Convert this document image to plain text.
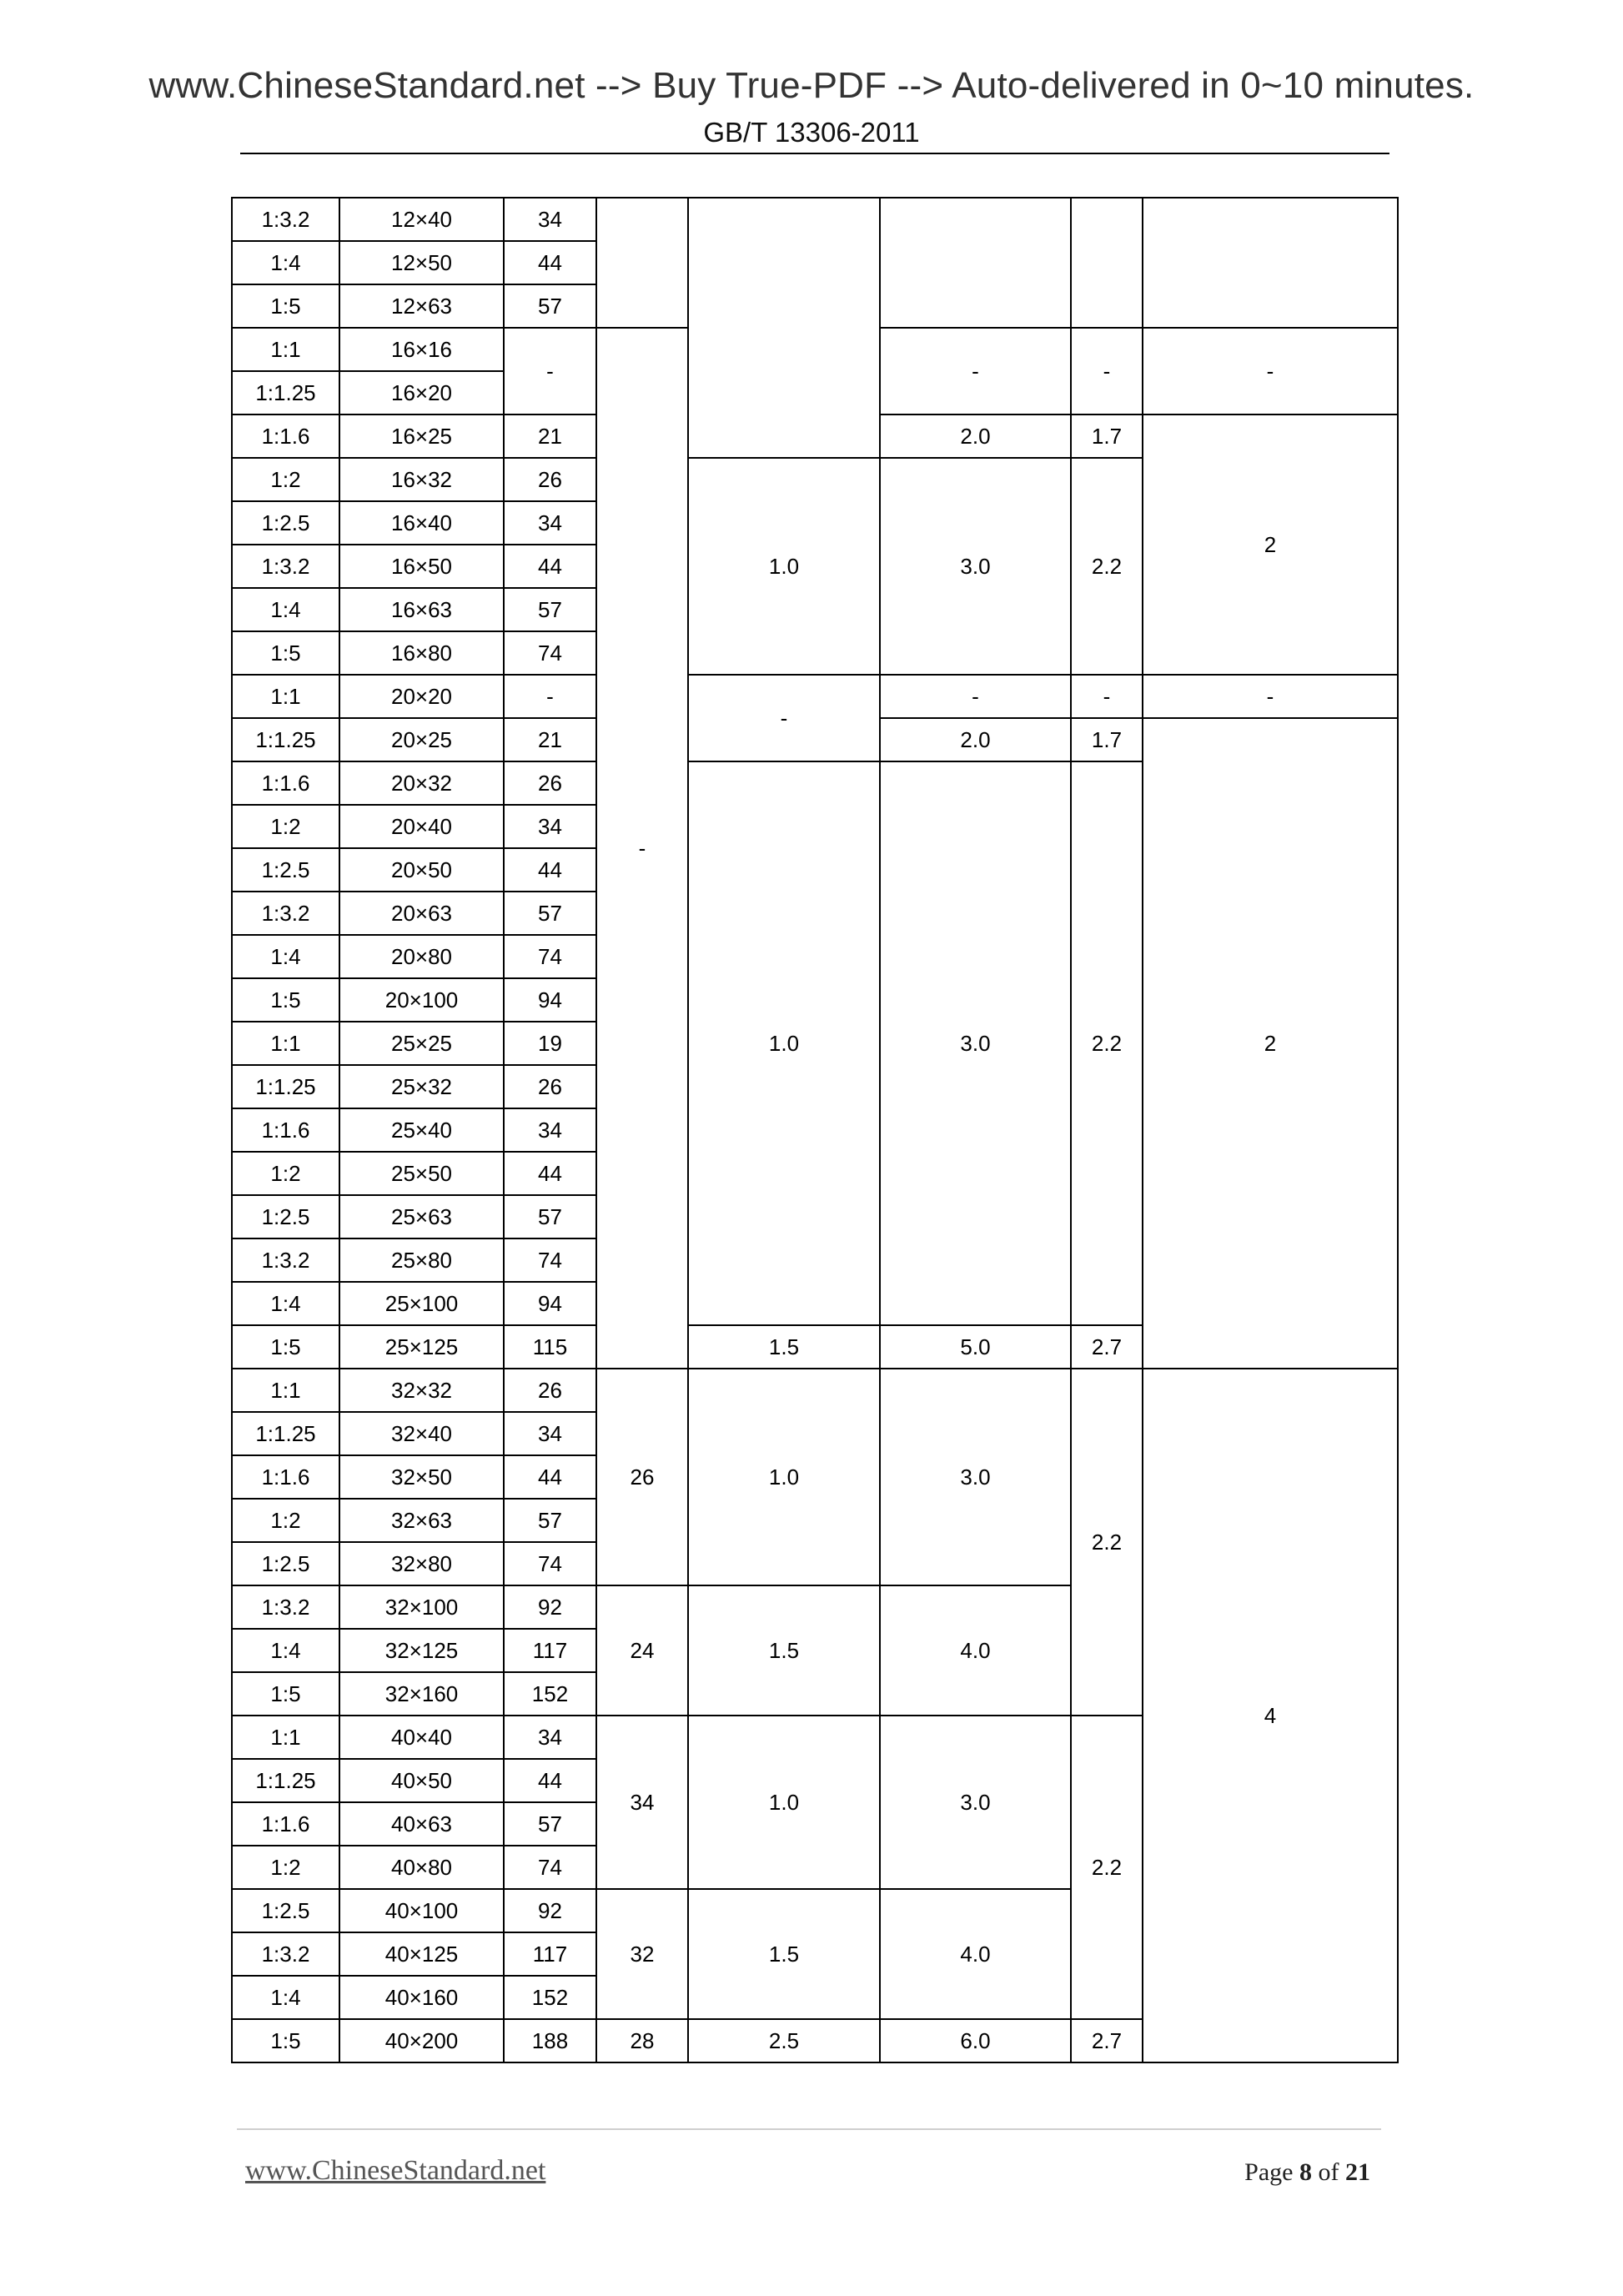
www.ChineseStandard.net --> Buy True-PDF --> Auto-delivered in 0~10 minutes.
GB/T 13306-2011
1:3.2	12×40	34					
1:4	12×50	44					
1:5	12×63	57					
1:1	16×16	-	-		-	-	-
1:1.25	16×20						
1:1.6	16×25	21			2.0	1.7	2
1:2	16×32	26		1.0	3.0	2.2	
1:2.5	16×40	34					
1:3.2	16×50	44					
1:4	16×63	57					
1:5	16×80	74					
1:1	20×20	-		-	-	-	-
1:1.25	20×25	21			2.0	1.7	2
1:1.6	20×32	26		1.0	3.0	2.2	
1:2	20×40	34					
1:2.5	20×50	44					
1:3.2	20×63	57					
1:4	20×80	74					
1:5	20×100	94					
1:1	25×25	19					
1:1.25	25×32	26					
1:1.6	25×40	34					
1:2	25×50	44					
1:2.5	25×63	57					
1:3.2	25×80	74					
1:4	25×100	94					
1:5	25×125	115		1.5	5.0	2.7	
1:1	32×32	26	26	1.0	3.0	2.2	4
1:1.25	32×40	34					
1:1.6	32×50	44					
1:2	32×63	57					
1:2.5	32×80	74					
1:3.2	32×100	92	24	1.5	4.0		
1:4	32×125	117					
1:5	32×160	152					
1:1	40×40	34	34	1.0	3.0	2.2	
1:1.25	40×50	44					
1:1.6	40×63	57					
1:2	40×80	74					
1:2.5	40×100	92	32	1.5	4.0		
1:3.2	40×125	117					
1:4	40×160	152					
1:5	40×200	188	28	2.5	6.0	2.7	
www.ChineseStandard.net	Page 8 of 21
